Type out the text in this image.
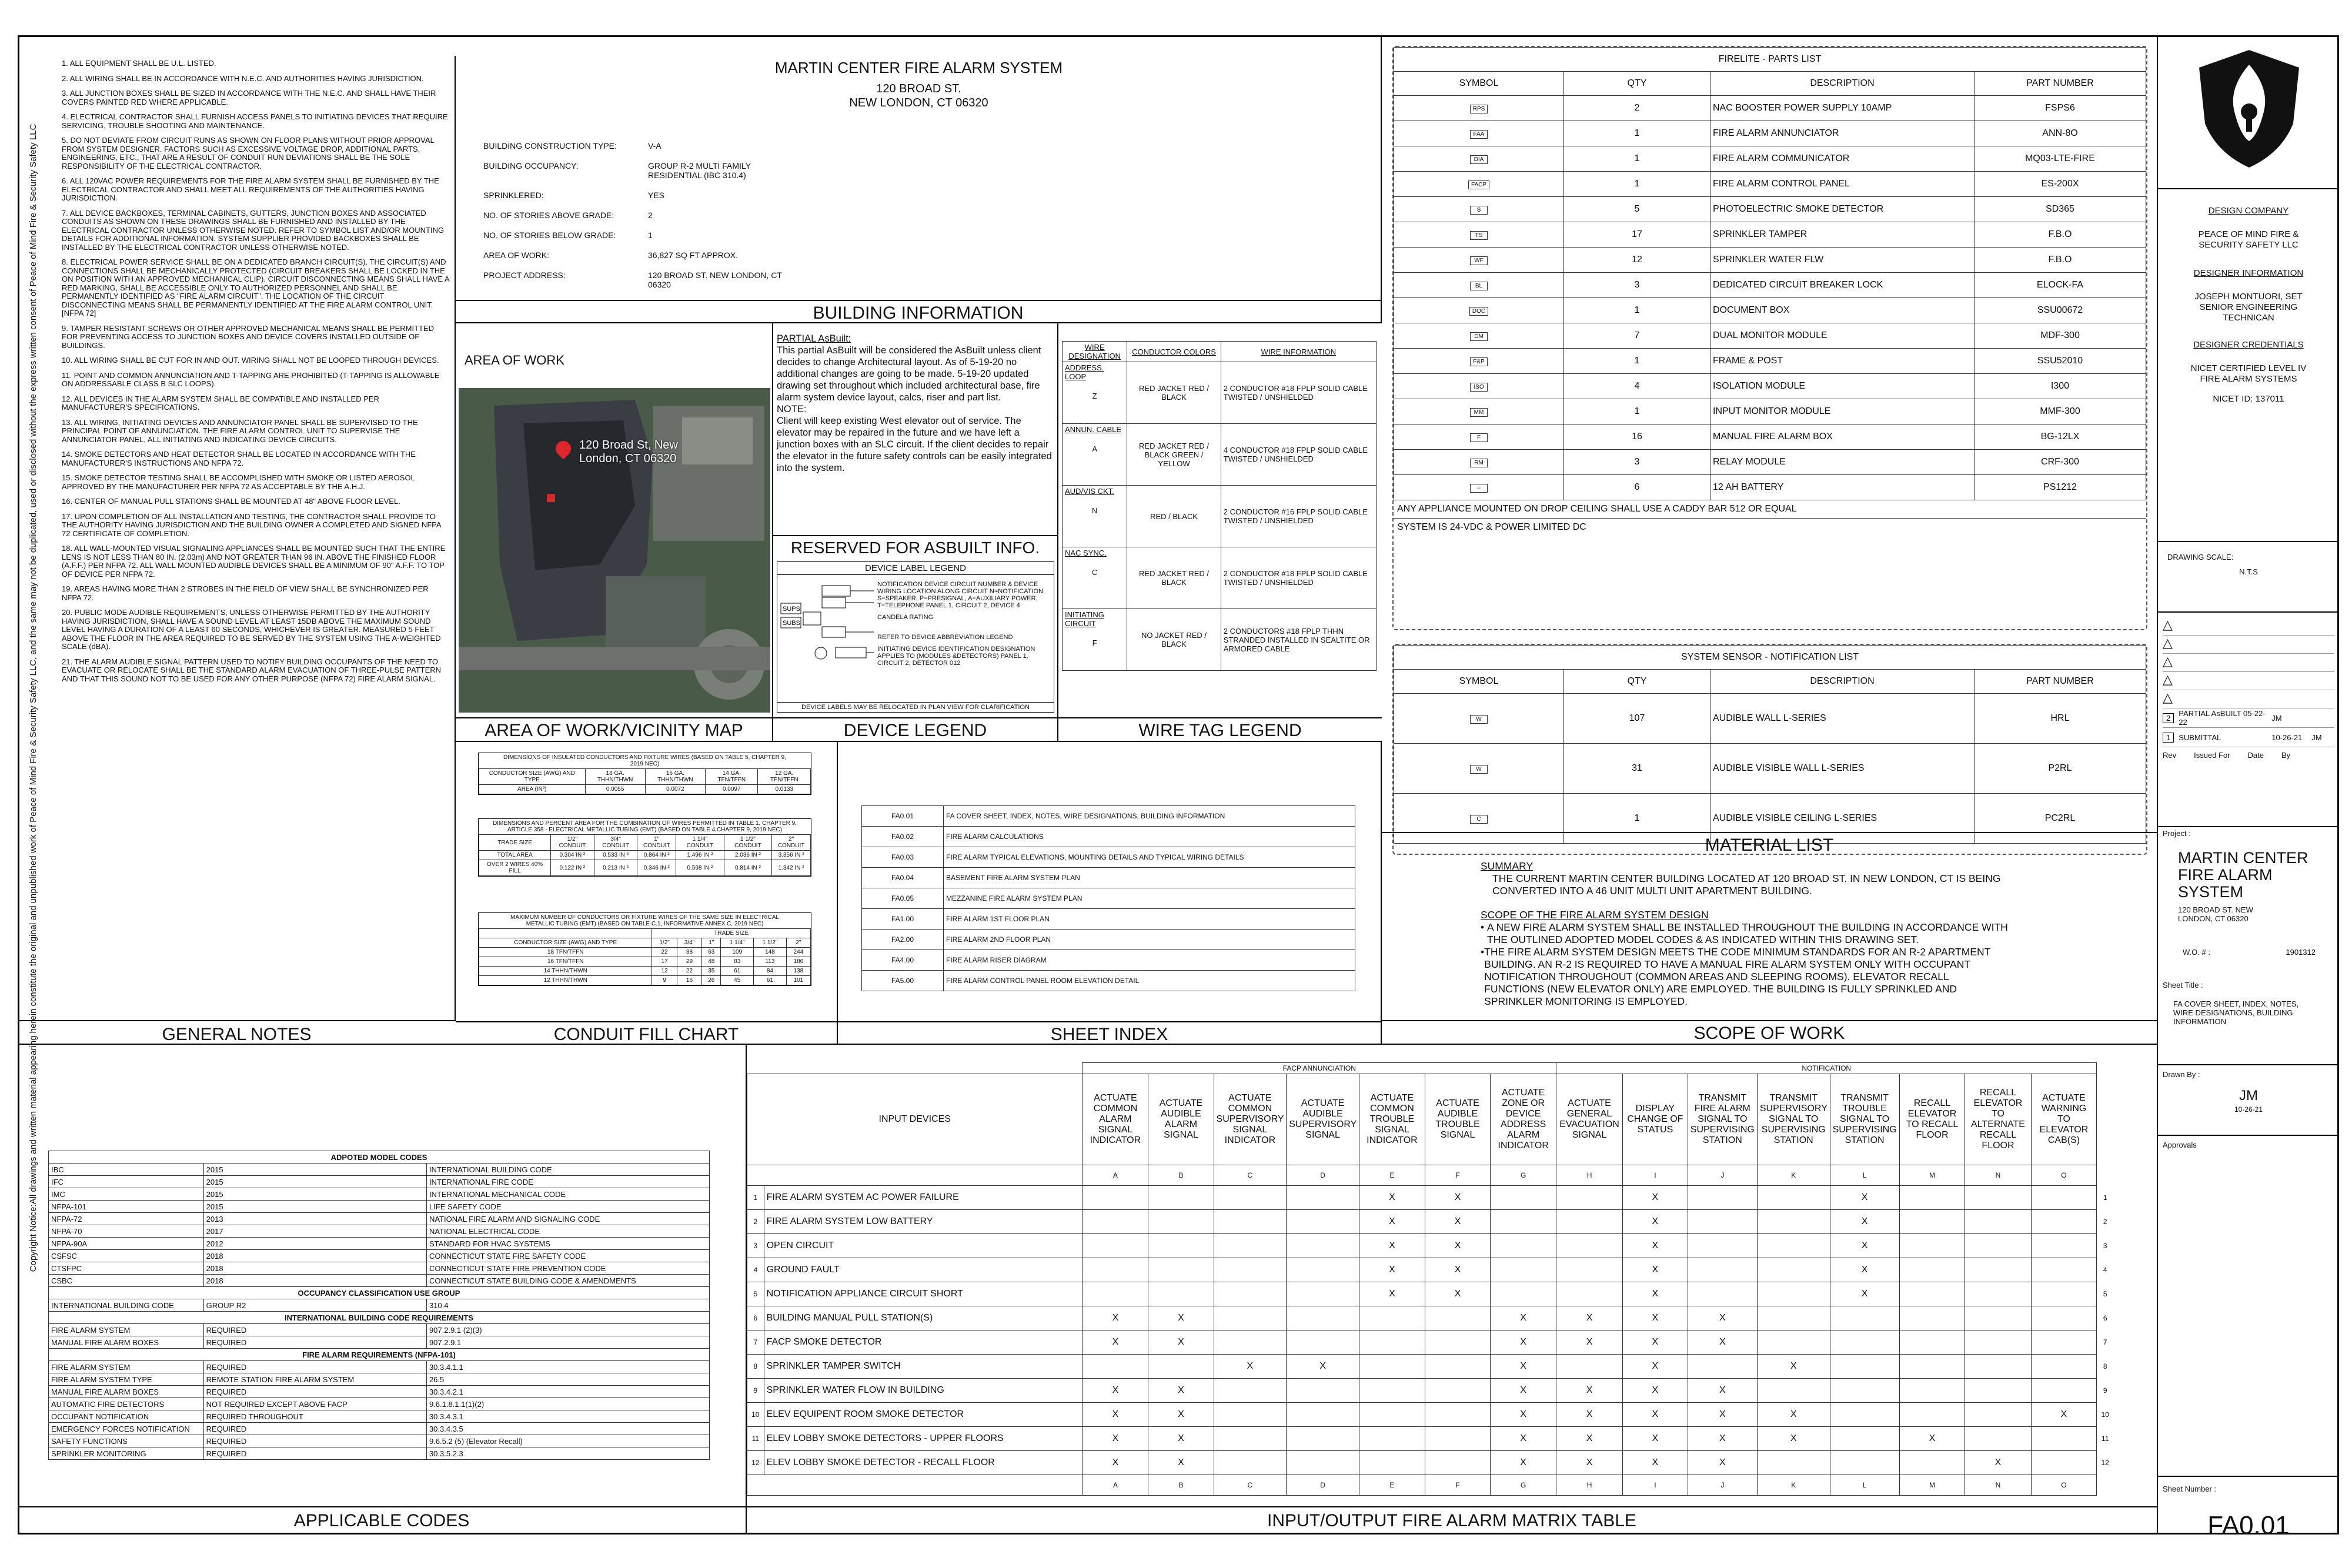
Copyright Notice:All drawings and written material appearing herein constitute the original and unpublished work of Peace of Mind Fire & Security Safety LLC, and the same may not be duplicated, used or disclosed without the express written consent of Peace of Mind Fire & Security Safety LLC
1. ALL EQUIPMENT SHALL BE U.L. LISTED.
2. ALL WIRING SHALL BE IN ACCORDANCE WITH N.E.C. AND AUTHORITIES HAVING JURISDICTION.
3. ALL JUNCTION BOXES SHALL BE SIZED IN ACCORDANCE WITH THE N.E.C. AND SHALL HAVE THEIR COVERS PAINTED RED WHERE APPLICABLE.
4. ELECTRICAL CONTRACTOR SHALL FURNISH ACCESS PANELS TO INITIATING DEVICES THAT REQUIRE SERVICING, TROUBLE SHOOTING AND MAINTENANCE.
5. DO NOT DEVIATE FROM CIRCUIT RUNS AS SHOWN ON FLOOR PLANS WITHOUT PRIOR APPROVAL FROM SYSTEM DESIGNER. FACTORS SUCH AS EXCESSIVE VOLTAGE DROP, ADDITIONAL PARTS, ENGINEERING, ETC., THAT ARE A RESULT OF CONDUIT RUN DEVIATIONS SHALL BE THE SOLE RESPONSIBILITY OF THE ELECTRICAL CONTRACTOR.
6. ALL 120VAC POWER REQUIREMENTS FOR THE FIRE ALARM SYSTEM SHALL BE FURNISHED BY THE ELECTRICAL CONTRACTOR AND SHALL MEET ALL REQUIREMENTS OF THE AUTHORITIES HAVING JURISDICTION.
7. ALL DEVICE BACKBOXES, TERMINAL CABINETS, GUTTERS, JUNCTION BOXES AND ASSOCIATED CONDUITS AS SHOWN ON THESE DRAWINGS SHALL BE FURNISHED AND INSTALLED BY THE ELECTRICAL CONTRACTOR UNLESS OTHERWISE NOTED. REFER TO SYMBOL LIST AND/OR MOUNTING DETAILS FOR ADDITIONAL INFORMATION. SYSTEM SUPPLIER PROVIDED BACKBOXES SHALL BE INSTALLED BY THE ELECTRICAL CONTRACTOR UNLESS OTHERWISE NOTED.
8. ELECTRICAL POWER SERVICE SHALL BE ON A DEDICATED BRANCH CIRCUIT(S). THE CIRCUIT(S) AND CONNECTIONS SHALL BE MECHANICALLY PROTECTED (CIRCUIT BREAKERS SHALL BE LOCKED IN THE ON POSITION WITH AN APPROVED MECHANICAL CLIP). CIRCUIT DISCONNECTING MEANS SHALL HAVE A RED MARKING, SHALL BE ACCESSIBLE ONLY TO AUTHORIZED PERSONNEL AND SHALL BE PERMANENTLY IDENTIFIED AS "FIRE ALARM CIRCUIT". THE LOCATION OF THE CIRCUIT DISCONNECTING MEANS SHALL BE PERMANENTLY IDENTIFIED AT THE FIRE ALARM CONTROL UNIT.[NFPA 72]
9. TAMPER RESISTANT SCREWS OR OTHER APPROVED MECHANICAL MEANS SHALL BE PERMITTED FOR PREVENTING ACCESS TO JUNCTION BOXES AND DEVICE COVERS INSTALLED OUTSIDE OF BUILDINGS.
10. ALL WIRING SHALL BE CUT FOR IN AND OUT. WIRING SHALL NOT BE LOOPED THROUGH DEVICES.
11. POINT AND COMMON ANNUNCIATION AND T-TAPPING ARE PROHIBITED (T-TAPPING IS ALLOWABLE ON ADDRESSABLE CLASS B SLC LOOPS).
12. ALL DEVICES IN THE ALARM SYSTEM SHALL BE COMPATIBLE AND INSTALLED PER MANUFACTURER'S SPECIFICATIONS.
13. ALL WIRING, INITIATING DEVICES AND ANNUNCIATOR PANEL SHALL BE SUPERVISED TO THE PRINCIPAL POINT OF ANNUNCIATION. THE FIRE ALARM CONTROL UNIT TO SUPERVISE THE ANNUNCIATOR PANEL, ALL INITIATING AND INDICATING DEVICE CIRCUITS.
14. SMOKE DETECTORS AND HEAT DETECTOR SHALL BE LOCATED IN ACCORDANCE WITH THE MANUFACTURER'S INSTRUCTIONS AND NFPA 72.
15. SMOKE DETECTOR TESTING SHALL BE ACCOMPLISHED WITH SMOKE OR LISTED AEROSOL APPROVED BY THE MANUFACTURER PER NFPA 72 AS ACCEPTABLE BY THE A.H.J.
16. CENTER OF MANUAL PULL STATIONS SHALL BE MOUNTED AT 48" ABOVE FLOOR LEVEL.
17. UPON COMPLETION OF ALL INSTALLATION AND TESTING, THE CONTRACTOR SHALL PROVIDE TO THE AUTHORITY HAVING JURISDICTION AND THE BUILDING OWNER A COMPLETED AND SIGNED NFPA 72 CERTIFICATE OF COMPLETION.
18. ALL WALL-MOUNTED VISUAL SIGNALING APPLIANCES SHALL BE MOUNTED SUCH THAT THE ENTIRE LENS IS NOT LESS THAN 80 IN. (2.03m) AND NOT GREATER THAN 96 IN. ABOVE THE FINISHED FLOOR (A.F.F.) PER NFPA 72. ALL WALL MOUNTED AUDIBLE DEVICES SHALL BE A MINIMUM OF 90" A.F.F. TO TOP OF DEVICE PER NFPA 72.
19. AREAS HAVING MORE THAN 2 STROBES IN THE FIELD OF VIEW SHALL BE SYNCHRONIZED PER NFPA 72.
20. PUBLIC MODE AUDIBLE REQUIREMENTS, UNLESS OTHERWISE PERMITTED BY THE AUTHORITY HAVING JURISDICTION, SHALL HAVE A SOUND LEVEL AT LEAST 15DB ABOVE THE MAXIMUM SOUND LEVEL HAVING A DURATION OF A LEAST 60 SECONDS, WHICHEVER IS GREATER. MEASURED 5 FEET ABOVE THE FLOOR IN THE AREA REQUIRED TO BE SERVED BY THE SYSTEM USING THE A-WEIGHTED SCALE (dBA).
21. THE ALARM AUDIBLE SIGNAL PATTERN USED TO NOTIFY BUILDING OCCUPANTS OF THE NEED TO EVACUATE OR RELOCATE SHALL BE THE STANDARD ALARM EVACUATION OF THREE-PULSE PATTERN AND THAT THIS SOUND NOT TO BE USED FOR ANY OTHER PURPOSE (NFPA 72) FIRE ALARM SIGNAL.
GENERAL NOTES
MARTIN CENTER FIRE ALARM SYSTEM
120 BROAD ST.
NEW LONDON, CT 06320
BUILDING CONSTRUCTION TYPE:	V-A
BUILDING OCCUPANCY:	GROUP R-2 MULTI FAMILY RESIDENTIAL (IBC 310.4)
SPRINKLERED:	YES
NO. OF STORIES ABOVE GRADE:	2
NO. OF STORIES BELOW GRADE:	1
AREA OF WORK:	36,827 SQ FT APPROX.
PROJECT ADDRESS:	120 BROAD ST. NEW LONDON, CT 06320
BUILDING INFORMATION
AREA OF WORK
120 Broad St, New London, CT 06320
AREA OF WORK/VICINITY MAP
PARTIAL AsBuilt:
This partial AsBuilt will be considered the AsBuilt unless client decides to change Architectural layout. As of 5-19-20 no additional changes are going to be made. 5-19-20 updated drawing set throughout which included architectural base, fire alarm system device layout, calcs, riser and part list.
NOTE:
Client will keep existing West elevator out of service. The elevator may be repaired in the future and we have left a junction boxes with an SLC circuit. If the client decides to repair the elevator in the future safety controls can be easily integrated into the system.
RESERVED FOR ASBUILT INFO.
DEVICE LABEL LEGEND
SUPS
SUBS
NOTIFICATION DEVICE CIRCUIT NUMBER & DEVICE WIRING LOCATION ALONG CIRCUIT N=NOTIFICATION, S=SPEAKER, P=PRESIGNAL, A=AUXILIARY POWER, T=TELEPHONE PANEL 1, CIRCUIT 2, DEVICE 4
CANDELA RATING
REFER TO DEVICE ABBREVIATION LEGEND
INITIATING DEVICE IDENTIFICATION DESIGNATION APPLIES TO (MODULES &DETECTORS) PANEL 1, CIRCUIT 2, DETECTOR 012
DEVICE LABELS MAY BE RELOCATED IN PLAN VIEW FOR CLARIFICATION
DEVICE LEGEND
WIRE DESIGNATION	CONDUCTOR COLORS	WIRE INFORMATION

ADDRESS. LOOP
Z	RED JACKET RED / BLACK	2 CONDUCTOR #18 FPLP SOLID CABLE TWISTED / UNSHIELDED

ANNUN. CABLE
A	RED JACKET RED / BLACK GREEN / YELLOW	4 CONDUCTOR #18 FPLP SOLID CABLE TWISTED / UNSHIELDED

AUD/VIS CKT.
N	RED / BLACK	2 CONDUCTOR #16 FPLP SOLID CABLE TWISTED / UNSHIELDED

NAC SYNC.
C	RED JACKET RED / BLACK	2 CONDUCTOR #18 FPLP SOLID CABLE TWISTED / UNSHIELDED

INITIATING CIRCUIT
F	NO JACKET RED / BLACK	2 CONDUCTORS #18 FPLP THHN STRANDED INSTALLED IN SEALTITE OR ARMORED CABLE
WIRE TAG LEGEND
FIRELITE - PARTS LIST			
SYMBOL	QTY	DESCRIPTION	PART NUMBER
RPS	2	NAC BOOSTER POWER SUPPLY 10AMP	FSPS6
FAA	1	FIRE ALARM ANNUNCIATOR	ANN-8O
DIA	1	FIRE ALARM COMMUNICATOR	MQ03-LTE-FIRE
FACP	1	FIRE ALARM CONTROL PANEL	ES-200X
S	5	PHOTOELECTRIC SMOKE DETECTOR	SD365
TS	17	SPRINKLER TAMPER	F.B.O
WF	12	SPRINKLER WATER FLW	F.B.O
BL	3	DEDICATED CIRCUIT BREAKER LOCK	ELOCK-FA
DOC	1	DOCUMENT BOX	SSU00672
DM	7	DUAL MONITOR MODULE	MDF-300
F&P	1	FRAME & POST	SSU52010
ISO	4	ISOLATION MODULE	I300
MM	1	INPUT MONITOR MODULE	MMF-300
F	16	MANUAL FIRE ALARM BOX	BG-12LX
RM	3	RELAY MODULE	CRF-300
--	6	12 AH BATTERY	PS1212
ANY APPLIANCE MOUNTED ON DROP CEILING SHALL USE A CADDY BAR 512 OR EQUAL
SYSTEM IS 24-VDC & POWER LIMITED DC
SYSTEM SENSOR - NOTIFICATION LIST			
SYMBOL	QTY	DESCRIPTION	PART NUMBER
W	107	AUDIBLE WALL L-SERIES	HRL
W	31	AUDIBLE VISIBLE WALL L-SERIES	P2RL
C	1	AUDIBLE VISIBLE CEILING L-SERIES	PC2RL
MATERIAL LIST
DESIGN COMPANY
PEACE OF MIND FIRE & SECURITY SAFETY LLC
DESIGNER INFORMATION
JOSEPH MONTUORI, SET SENIOR ENGINEERING TECHNICAN
DESIGNER CREDENTIALS
NICET CERTIFIED LEVEL IV FIRE ALARM SYSTEMS
NICET ID: 137011
DRAWING SCALE:
N.T.S
△
△
△
△
△
2	PARTIAL AsBUILT 05-22-22	JM
1	SUBMITTAL	10-26-21	JM
Rev Issued For Date By
Project :
MARTIN CENTER FIRE ALARM SYSTEM
120 BROAD ST. NEW LONDON, CT 06320
W.O. # :	1901312
Sheet Title :
FA COVER SHEET, INDEX, NOTES, WIRE DESIGNATIONS, BUILDING INFORMATION
Drawn By :
JM
10-26-21
Approvals
Sheet Number :
FA0.01
DIMENSIONS OF INSULATED CONDUCTORS AND FIXTURE WIRES (BASED ON TABLE 5, CHAPTER 9, 2019 NEC)
CONDUCTOR SIZE (AWG) AND TYPE	18 GA. THHN/THWN	16 GA. THHN/THWN	14 GA. TFN/TFFN	12 GA. TFN/TFFN
AREA (IN²)	0.0055	0.0072	0.0097	0.0133
DIMENSIONS AND PERCENT AREA FOR THE COMBINATION OF WIRES PERMITTED IN TABLE 1, CHAPTER 9, ARTICLE 358 - ELECTRICAL METALLIC TUBING (EMT) (BASED ON TABLE 4,CHAPTER 9, 2019 NEC)
TRADE SIZE	1/2" CONDUIT	3/4" CONDUIT	1" CONDUIT	1 1/4" CONDUIT	1 1/2" CONDUIT	2" CONDUIT
TOTAL AREA	0.304 IN ²	0.533 IN ²	0.864 IN ²	1.496 IN ²	2.036 IN ²	3.356 IN ²
OVER 2 WIRES 40% FILL	0.122 IN ²	0.213 IN ²	0.346 IN ²	0.598 IN ²	0.814 IN ²	1.342 IN ²
MAXIMUM NUMBER OF CONDUCTORS OR FIXTURE WIRES OF THE SAME SIZE IN ELECTRICAL METALLIC TUBING (EMT) (BASED ON TABLE C.1, INFORMATIVE ANNEX C, 2019 NEC)
	TRADE SIZE					
CONDUCTOR SIZE (AWG) AND TYPE	1/2"	3/4"	1"	1 1/4"	1 1/2"	2"
18 TFN/TFFN	22	38	63	109	148	244
16 TFN/TFFN	17	29	48	83	113	186
14 THHN/THWN	12	22	35	61	84	138
12 THHN/THWN	9	16	26	45	61	101
CONDUIT FILL CHART
FA0.01	FA COVER SHEET, INDEX, NOTES, WIRE DESIGNATIONS, BUILDING INFORMATION
FA0.02	FIRE ALARM CALCULATIONS
FA0.03	FIRE ALARM TYPICAL ELEVATIONS, MOUNTING DETAILS AND TYPICAL WIRING DETAILS
FA0.04	BASEMENT FIRE ALARM SYSTEM PLAN
FA0.05	MEZZANINE FIRE ALARM SYSTEM PLAN
FA1.00	FIRE ALARM 1ST FLOOR PLAN
FA2.00	FIRE ALARM 2ND FLOOR PLAN
FA4.00	FIRE ALARM RISER DIAGRAM
FA5.00	FIRE ALARM CONTROL PANEL ROOM ELEVATION DETAIL
SHEET INDEX
SUMMARY
THE CURRENT MARTIN CENTER BUILDING LOCATED AT 120 BROAD ST. IN NEW LONDON, CT IS BEING CONVERTED INTO A 46 UNIT MULTI UNIT APARTMENT BUILDING.
SCOPE OF THE FIRE ALARM SYSTEM DESIGN
• A NEW FIRE ALARM SYSTEM SHALL BE INSTALLED THROUGHOUT THE BUILDING IN ACCORDANCE WITH THE OUTLINED ADOPTED MODEL CODES & AS INDICATED WITHIN THIS DRAWING SET.
• THE FIRE ALARM SYSTEM DESIGN MEETS THE CODE MINIMUM STANDARDS FOR AN R-2 APARTMENT BUILDING. AN R-2 IS REQUIRED TO HAVE A MANUAL FIRE ALARM SYSTEM ONLY WITH OCCUPANT NOTIFICATION THROUGHOUT (COMMON AREAS AND SLEEPING ROOMS). ELEVATOR RECALL FUNCTIONS (NEW ELEVATOR ONLY) ARE EMPLOYED. THE BUILDING IS FULLY SPRINKLED AND SPRINKLER MONITORING IS EMPLOYED.
SCOPE OF WORK
ADPOTED MODEL CODES		
IBC	2015	INTERNATIONAL BUILDING CODE
IFC	2015	INTERNATIONAL FIRE CODE
IMC	2015	INTERNATIONAL MECHANICAL CODE
NFPA-101	2015	LIFE SAFETY CODE
NFPA-72	2013	NATIONAL FIRE ALARM AND SIGNALING CODE
NFPA-70	2017	NATIONAL ELECTRICAL CODE
NFPA-90A	2012	STANDARD FOR HVAC SYSTEMS
CSFSC	2018	CONNECTICUT STATE FIRE SAFETY CODE
CTSFPC	2018	CONNECTICUT STATE FIRE PREVENTION CODE
CSBC	2018	CONNECTICUT STATE BUILDING CODE & AMENDMENTS
OCCUPANCY CLASSIFICATION USE GROUP		
INTERNATIONAL BUILDING CODE	GROUP R2	310.4
INTERNATIONAL BUILDING CODE REQUIREMENTS		
FIRE ALARM SYSTEM	REQUIRED	907.2.9.1 (2)(3)
MANUAL FIRE ALARM BOXES	REQUIRED	907.2.9.1
FIRE ALARM REQUIREMENTS (NFPA-101)		
FIRE ALARM SYSTEM	REQUIRED	30.3.4.1.1
FIRE ALARM SYSTEM TYPE	REMOTE STATION FIRE ALARM SYSTEM	26.5
MANUAL FIRE ALARM BOXES	REQUIRED	30.3.4.2.1
AUTOMATIC FIRE DETECTORS	NOT REQUIRED EXCEPT ABOVE FACP	9.6.1.8.1.1(1)(2)
OCCUPANT NOTIFICATION	REQUIRED THROUGHOUT	30.3.4.3.1
EMERGENCY FORCES NOTIFICATION	REQUIRED	30.3.4.3.5
SAFETY FUNCTIONS	REQUIRED	9.6.5.2 (5) (Elevator Recall)
SPRINKLER MONITORING	REQUIRED	30.3.5.2.3
APPLICABLE CODES
		FACP ANNUNCIATION							NOTIFICATION								
INPUT DEVICES		ACTUATE COMMON ALARM SIGNAL INDICATOR	ACTUATE AUDIBLE ALARM SIGNAL	ACTUATE COMMON SUPERVISORY SIGNAL INDICATOR	ACTUATE AUDIBLE SUPERVISORY SIGNAL	ACTUATE COMMON TROUBLE SIGNAL INDICATOR	ACTUATE AUDIBLE TROUBLE SIGNAL	ACTUATE ZONE OR DEVICE ADDRESS ALARM INDICATOR	ACTUATE GENERAL EVACUATION SIGNAL	DISPLAY CHANGE OF STATUS	TRANSMIT FIRE ALARM SIGNAL TO SUPERVISING STATION	TRANSMIT SUPERVISORY SIGNAL TO SUPERVISING STATION	TRANSMIT TROUBLE SIGNAL TO SUPERVISING STATION	RECALL ELEVATOR TO RECALL FLOOR	RECALL ELEVATOR TO ALTERNATE RECALL FLOOR	ACTUATE WARNING TO ELEVATOR CAB(S)	
		A	B	C	D	E	F	G	H	I	J	K	L	M	N	O	
1	FIRE ALARM SYSTEM AC POWER FAILURE					X	X			X			X				1
2	FIRE ALARM SYSTEM LOW BATTERY					X	X			X			X				2
3	OPEN CIRCUIT					X	X			X			X				3
4	GROUND FAULT					X	X			X			X				4
5	NOTIFICATION APPLIANCE CIRCUIT SHORT					X	X			X			X				5
6	BUILDING MANUAL PULL STATION(S)	X	X					X	X	X	X						6
7	FACP SMOKE DETECTOR	X	X					X	X	X	X						7
8	SPRINKLER TAMPER SWITCH			X	X			X		X		X					8
9	SPRINKLER WATER FLOW IN BUILDING	X	X					X	X	X	X						9
10	ELEV EQUIPENT ROOM SMOKE DETECTOR	X	X					X	X	X	X	X				X	10
11	ELEV LOBBY SMOKE DETECTORS - UPPER FLOORS	X	X					X	X	X	X	X		X			11
12	ELEV LOBBY SMOKE DETECTOR - RECALL FLOOR	X	X					X	X	X	X				X		12
		A	B	C	D	E	F	G	H	I	J	K	L	M	N	O	
INPUT/OUTPUT FIRE ALARM MATRIX TABLE
